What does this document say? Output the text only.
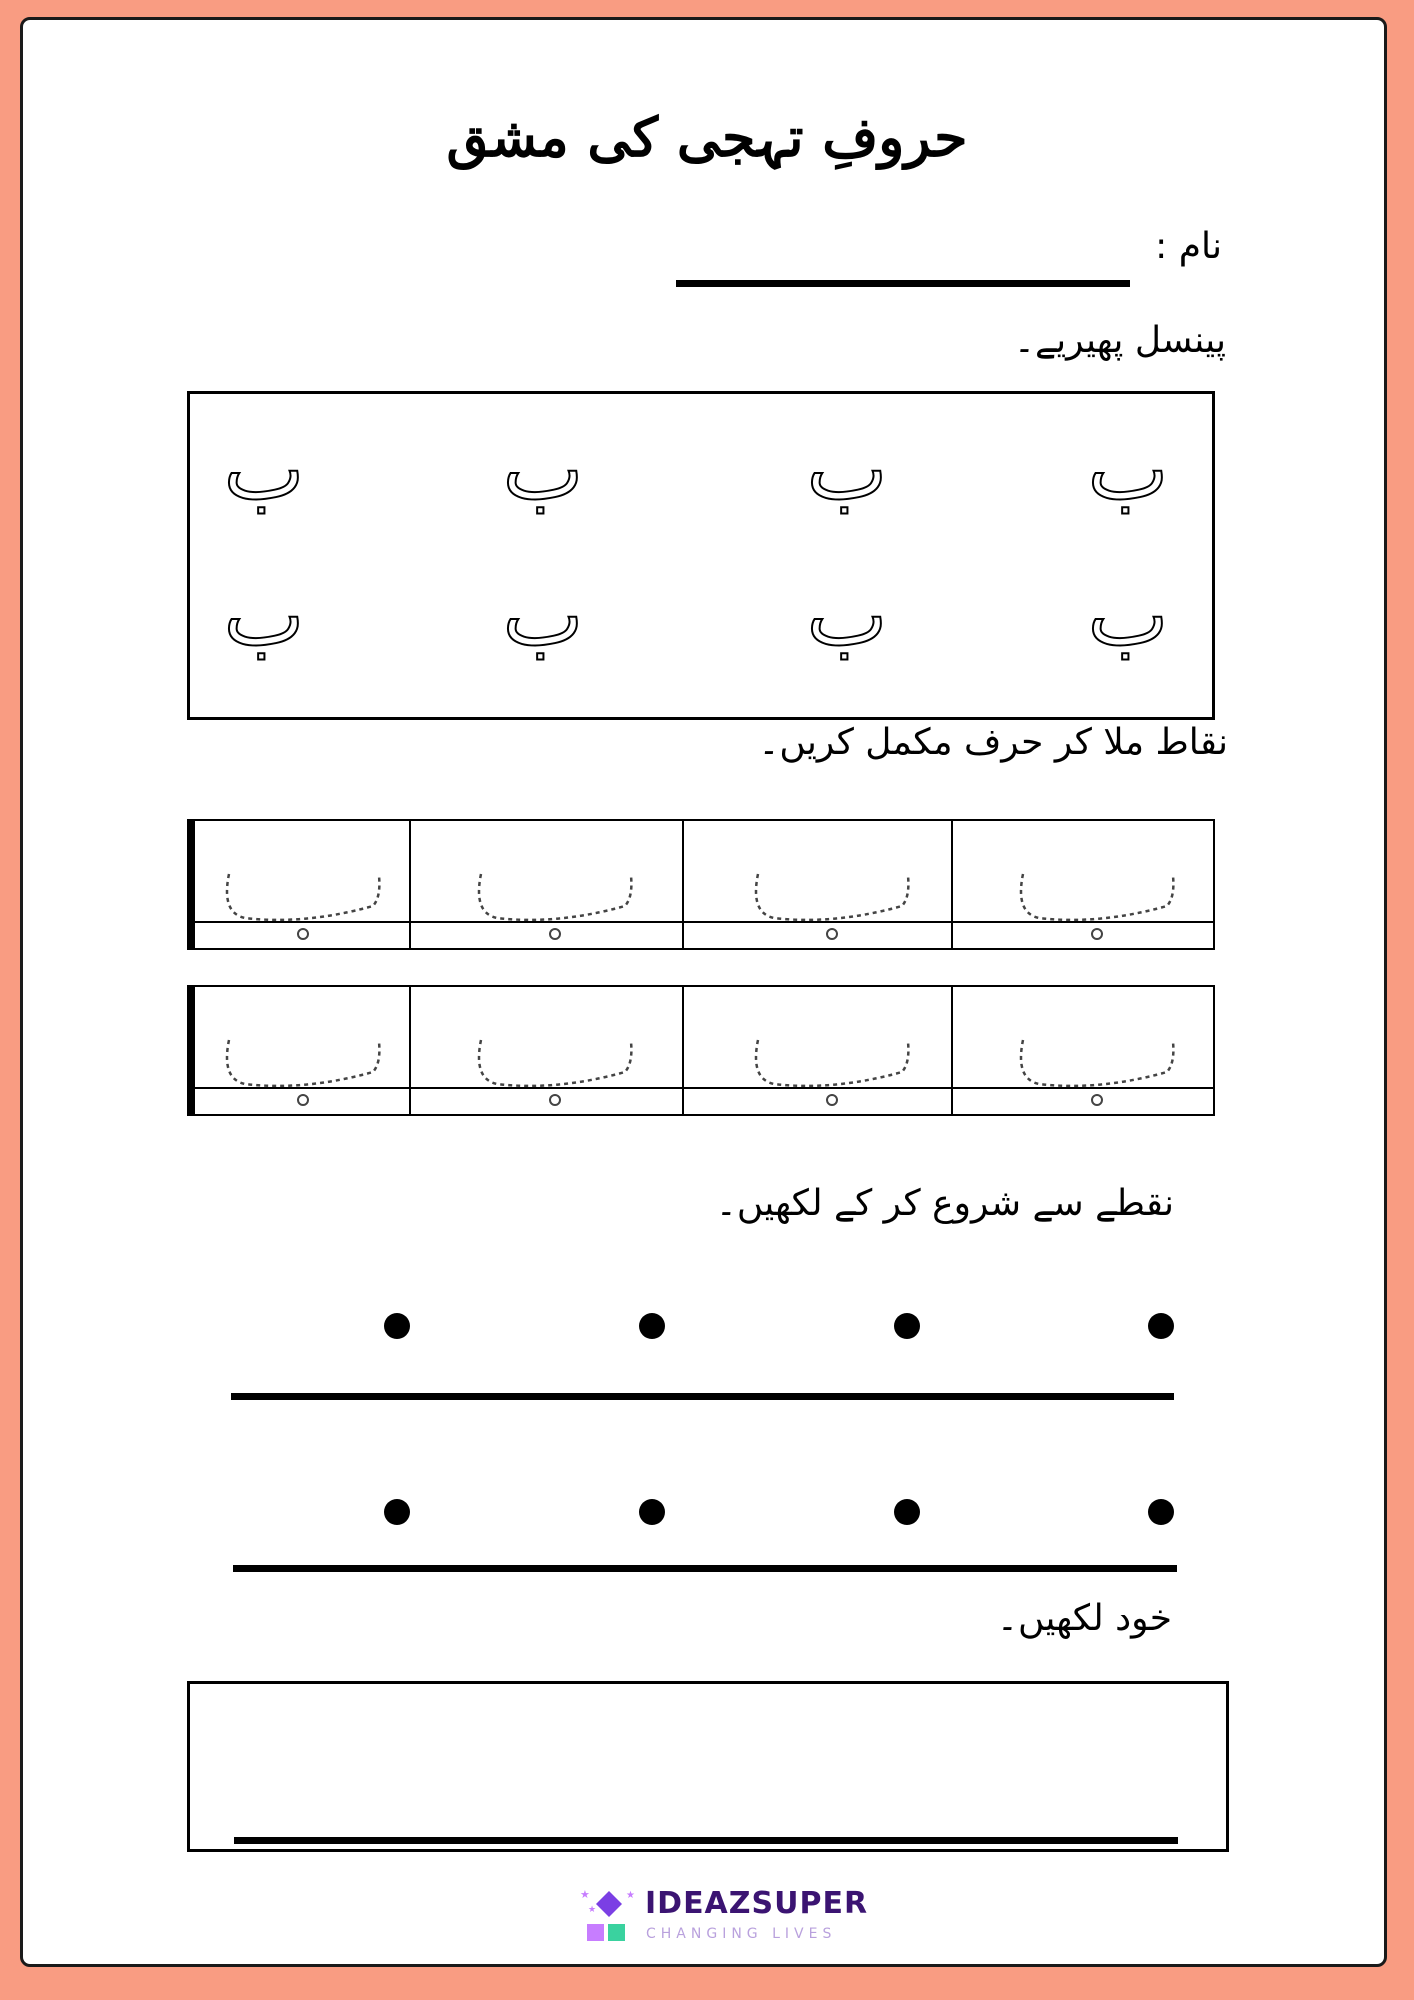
حروفِ تہجی کی مشق
نام :
پینسل پھیریے۔
ب ب	ب ب
ب ب	ب ب
نقاط ملا کر حرف مکمل کریں۔
نقطے سے شروع کر کے لکھیں۔
خود لکھیں۔
★
★
★ IDEAZSUPER
CHANGING LIVES
